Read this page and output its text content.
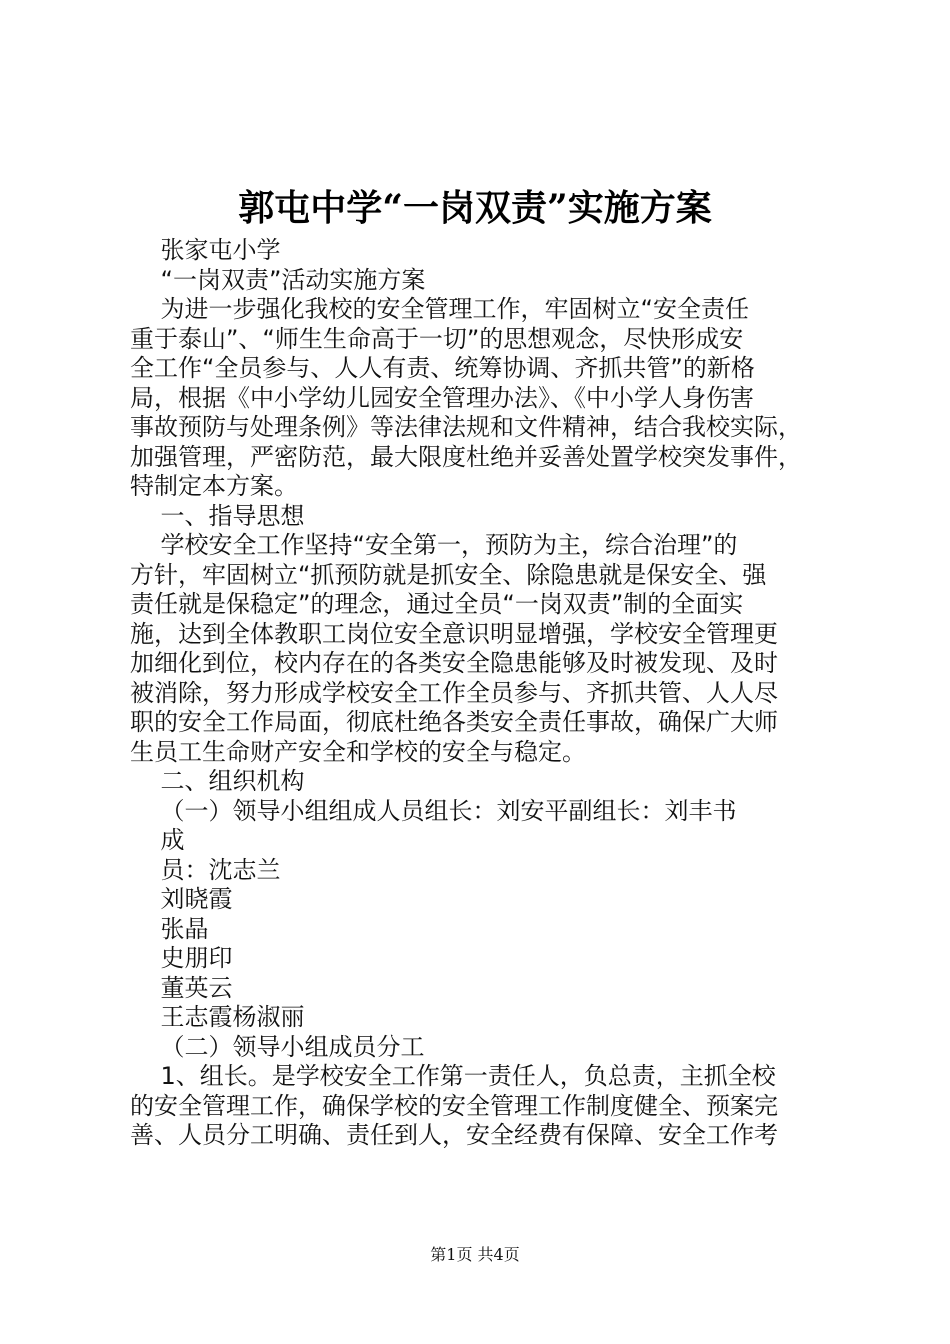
郭屯中学“一岗双责”实施方案
张家屯小学
“一岗双责”活动实施方案
为进一步强化我校的安全管理工作，牢固树立“安全责任
重于泰山”、“师生生命高于一切”的思想观念，尽快形成安
全工作“全员参与、人人有责、统筹协调、齐抓共管”的新格
局，根据《中小学幼儿园安全管理办法》、《中小学人身伤害
事故预防与处理条例》等法律法规和文件精神，结合我校实际，
加强管理，严密防范，最大限度杜绝并妥善处置学校突发事件，
特制定本方案。
一、指导思想
学校安全工作坚持“安全第一，预防为主，综合治理”的
方针，牢固树立“抓预防就是抓安全、除隐患就是保安全、强
责任就是保稳定”的理念，通过全员“一岗双责”制的全面实
施，达到全体教职工岗位安全意识明显增强，学校安全管理更
加细化到位，校内存在的各类安全隐患能够及时被发现、及时
被消除，努力形成学校安全工作全员参与、齐抓共管、人人尽
职的安全工作局面，彻底杜绝各类安全责任事故，确保广大师
生员工生命财产安全和学校的安全与稳定。
二、组织机构
（一）领导小组组成人员组长：刘安平副组长：刘丰书
成
员：沈志兰
刘晓霞
张晶
史朋印
董英云
王志霞杨淑丽
（二）领导小组成员分工
1、组长。是学校安全工作第一责任人，负总责，主抓全校
的安全管理工作，确保学校的安全管理工作制度健全、预案完
善、人员分工明确、责任到人，安全经费有保障、安全工作考
第1页 共4页
